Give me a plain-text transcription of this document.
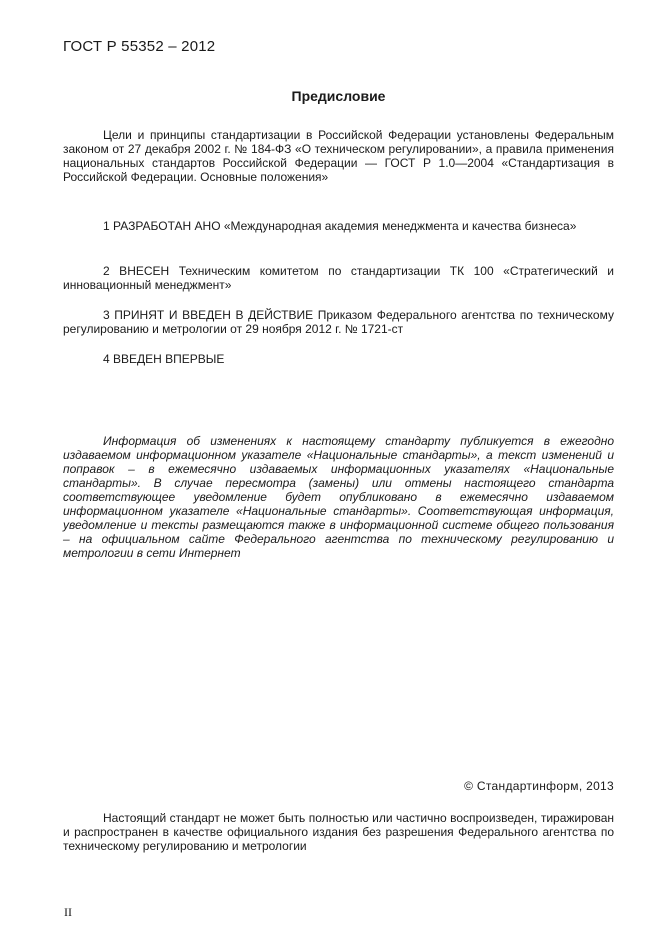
ГОСТ Р 55352 – 2012
Предисловие

Цели и принципы стандартизации в Российской Федерации установлены Федеральным законом от 27 декабря 2002 г. № 184-ФЗ «О техническом регулировании», а правила применения национальных стандартов Российской Федерации — ГОСТ Р 1.0—2004 «Стандартизация в Российской Федерации. Основные положения»

1 РАЗРАБОТАН АНО «Международная академия менеджмента и качества бизнеса»

2 ВНЕСЕН Техническим комитетом по стандартизации ТК 100 «Стратегический и инновационный менеджмент»

3 ПРИНЯТ И ВВЕДЕН В ДЕЙСТВИЕ Приказом Федерального агентства по техническому регулированию и метрологии от 29 ноября 2012 г. № 1721-ст

4 ВВЕДЕН ВПЕРВЫЕ

Информация об изменениях к настоящему стандарту публикуется в ежегодно издаваемом информационном указателе «Национальные стандарты», а текст изменений и поправок – в ежемесячно издаваемых информационных указателях «Национальные стандарты». В случае пересмотра (замены) или отмены настоящего стандарта соответствующее уведомление будет опубликовано в ежемесячно издаваемом информационном указателе «Национальные стандарты». Соответствующая информация, уведомление и тексты размещаются также в информационной системе общего пользования – на официальном сайте Федерального агентства по техническому регулированию и метрологии в сети Интернет

© Стандартинформ, 2013

Настоящий стандарт не может быть полностью или частично воспроизведен, тиражирован и распространен в качестве официального издания без разрешения Федерального агентства по техническому регулированию и метрологии

II
